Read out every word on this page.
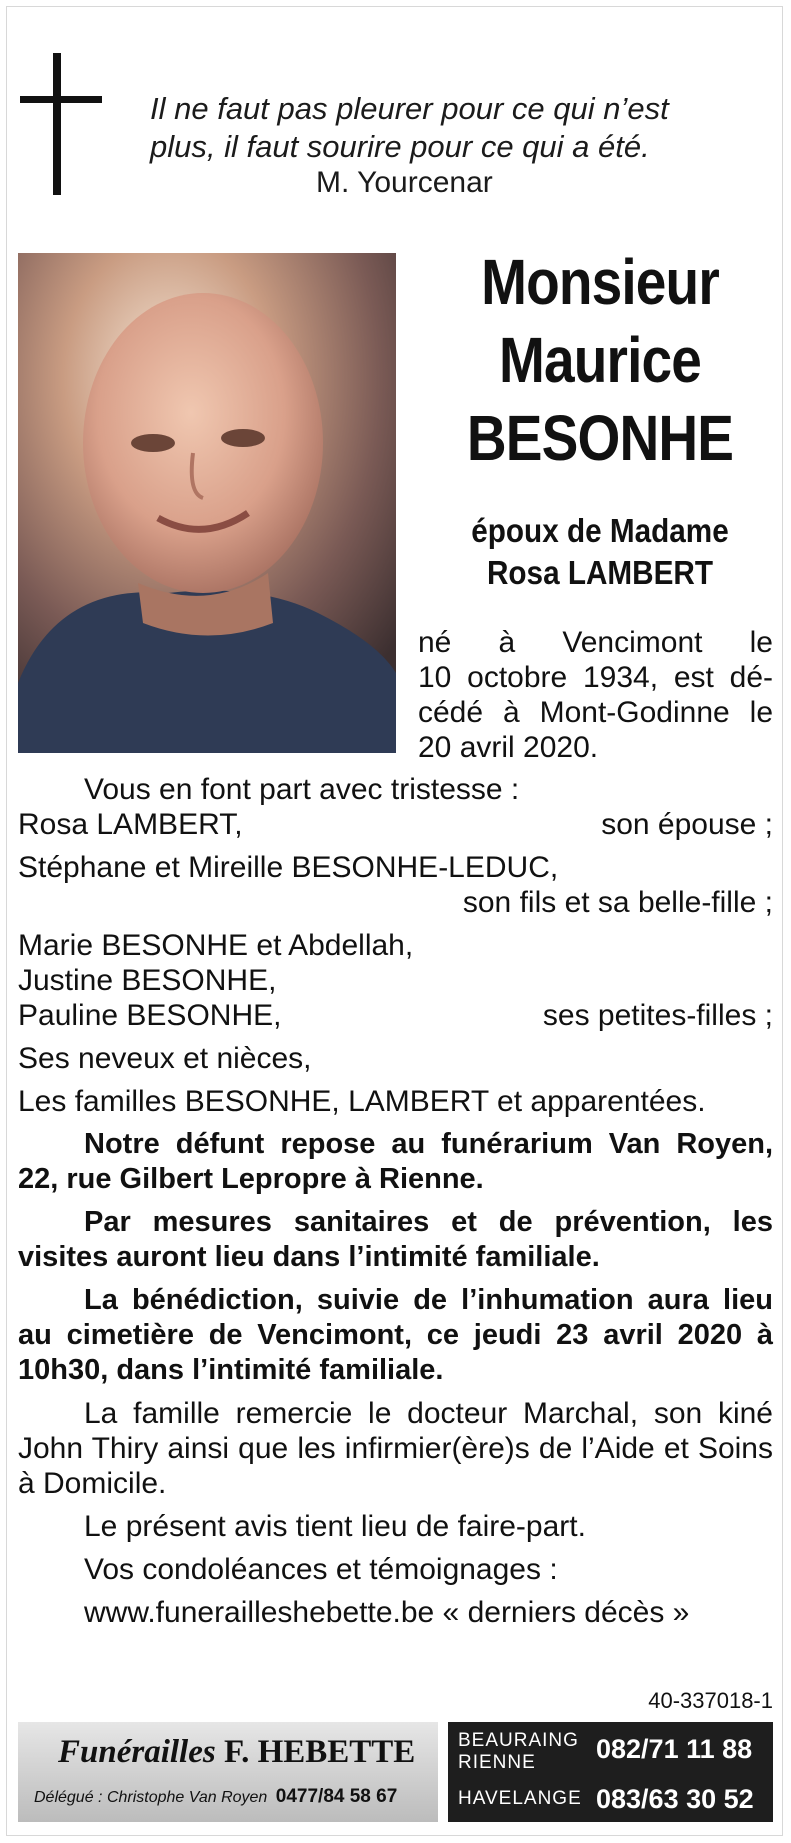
Il ne faut pas pleurer pour ce qui n’est
plus, il faut sourire pour ce qui a été.
M. Yourcenar
Monsieur
Maurice
BESONHE
époux de Madame
Rosa LAMBERT
né à Vencimont le
10 octobre 1934, est dé-
cédé à Mont-Godinne le
20 avril 2020.
Vous en font part avec tristesse :
Rosa LAMBERT,	son épouse ;
Stéphane et Mireille BESONHE-LEDUC,
son fils et sa belle-fille ;
Marie BESONHE et Abdellah,
Justine BESONHE,
Pauline BESONHE,	ses petites-filles ;
Ses neveux et nièces,
Les familles BESONHE, LAMBERT et apparentées.
Notre défunt repose au funérarium Van Royen, 22, rue Gilbert Lepropre à Rienne.
Par mesures sanitaires et de prévention, les visites auront lieu dans l’intimité familiale.
La bénédiction, suivie de l’inhumation aura lieu au cimetière de Vencimont, ce jeudi 23 avril 2020 à 10h30, dans l’intimité familiale.
La famille remercie le docteur Marchal, son kiné John Thiry ainsi que les infirmier(ère)s de l’Aide et Soins à Domicile.
Le présent avis tient lieu de faire-part.
Vos condoléances et témoignages :
www.funerailleshebette.be « derniers décès »
40-337018-1
Funérailles F. HEBETTE
Délégué : Christophe Van Royen 0477/84 58 67
BEAURAING
RIENNE 082/71 11 88
HAVELANGE 083/63 30 52
